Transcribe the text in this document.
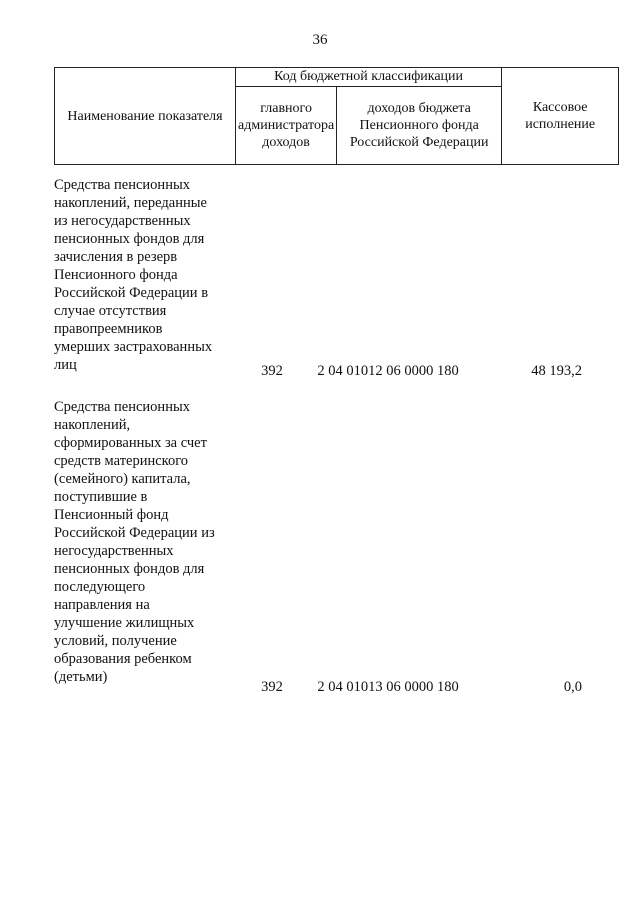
36
Наименование показателя	Код бюджетной классификации		Кассовое исполнение
	главного администратора доходов	доходов бюджета Пенсионного фонда Российской Федерации	
Средства пенсионных
накоплений, переданные
из негосударственных
пенсионных фондов для
зачисления в резерв
Пенсионного фонда
Российской Федерации в
случае отсутствия
правопреемников
умерших застрахованных
лиц	392	2 04 01012 06 0000 180	48 193,2
Средства пенсионных
накоплений,
сформированных за счет
средств материнского
(семейного) капитала,
поступившие в
Пенсионный фонд
Российской Федерации из
негосударственных
пенсионных фондов для
последующего
направления на
улучшение жилищных
условий, получение
образования ребенком
(детьми)
392	2 04 01013 06 0000 180	0,0
